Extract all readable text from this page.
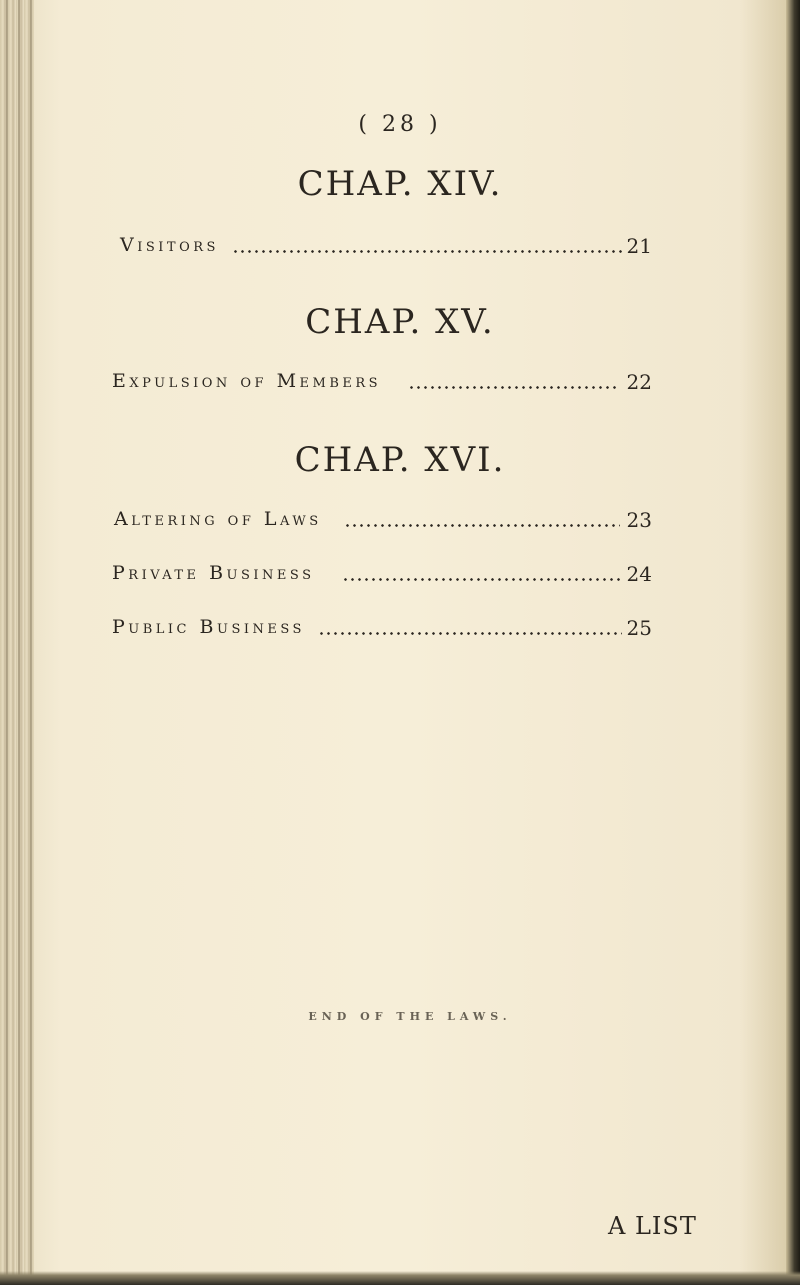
( 28 )
CHAP. XIV.
Visitors	21
CHAP. XV.
Expulsion of Members	22
CHAP. XVI.
Altering of Laws	23
Private Business	24
Public Business	25
END OF THE LAWS.
A LIST
